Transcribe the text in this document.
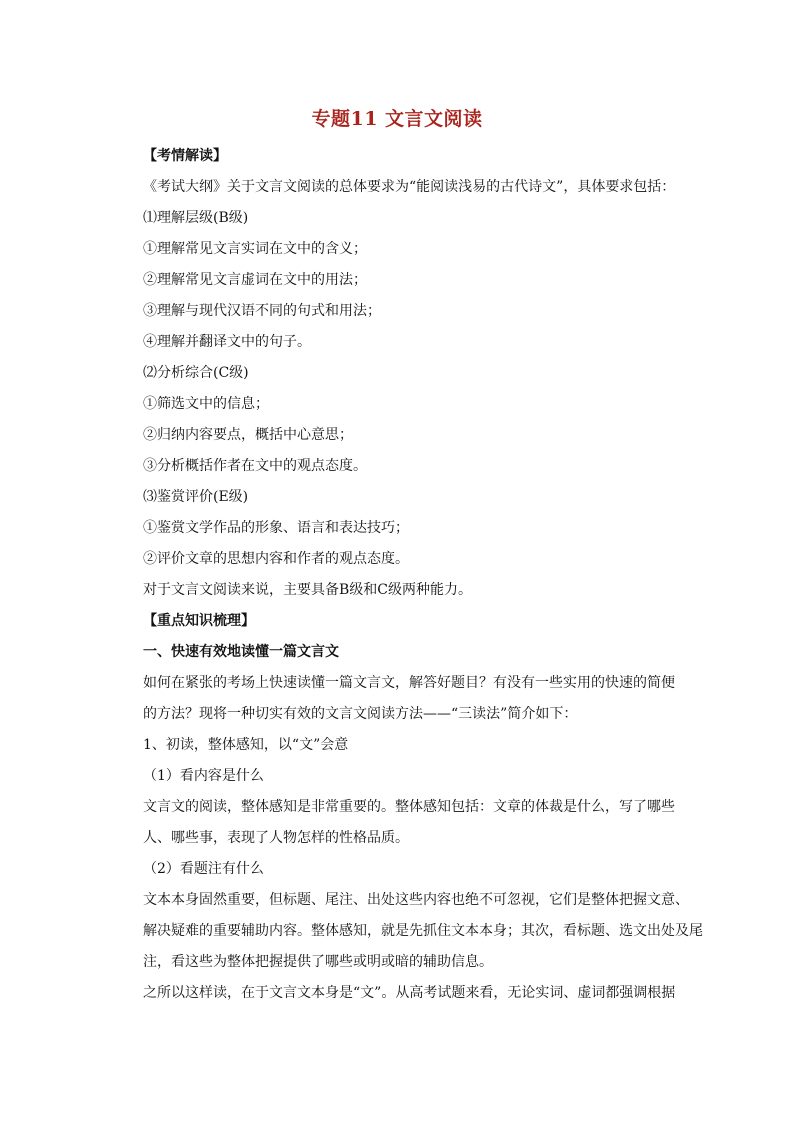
专题11 文言文阅读
【考情解读】
《考试大纲》关于文言文阅读的总体要求为“能阅读浅易的古代诗文”，具体要求包括：
⑴理解层级(B级)
①理解常见文言实词在文中的含义；
②理解常见文言虚词在文中的用法；
③理解与现代汉语不同的句式和用法；
④理解并翻译文中的句子。
⑵分析综合(C级)
①筛选文中的信息；
②归纳内容要点，概括中心意思；
③分析概括作者在文中的观点态度。
⑶鉴赏评价(E级)
①鉴赏文学作品的形象、语言和表达技巧；
②评价文章的思想内容和作者的观点态度。
对于文言文阅读来说，主要具备B级和C级两种能力。
【重点知识梳理】
一、快速有效地读懂一篇文言文
如何在紧张的考场上快速读懂一篇文言文，解答好题目？有没有一些实用的快速的简便
的方法？现将一种切实有效的文言文阅读方法——“三读法”简介如下：
1、初读，整体感知，以“文”会意
（1）看内容是什么
文言文的阅读，整体感知是非常重要的。整体感知包括：文章的体裁是什么，写了哪些
人、哪些事，表现了人物怎样的性格品质。
（2）看题注有什么
文本本身固然重要，但标题、尾注、出处这些内容也绝不可忽视，它们是整体把握文意、
解决疑难的重要辅助内容。整体感知，就是先抓住文本本身；其次，看标题、选文出处及尾
注，看这些为整体把握提供了哪些或明或暗的辅助信息。
之所以这样读，在于文言文本身是“文”。从高考试题来看，无论实词、虚词都强调根据
